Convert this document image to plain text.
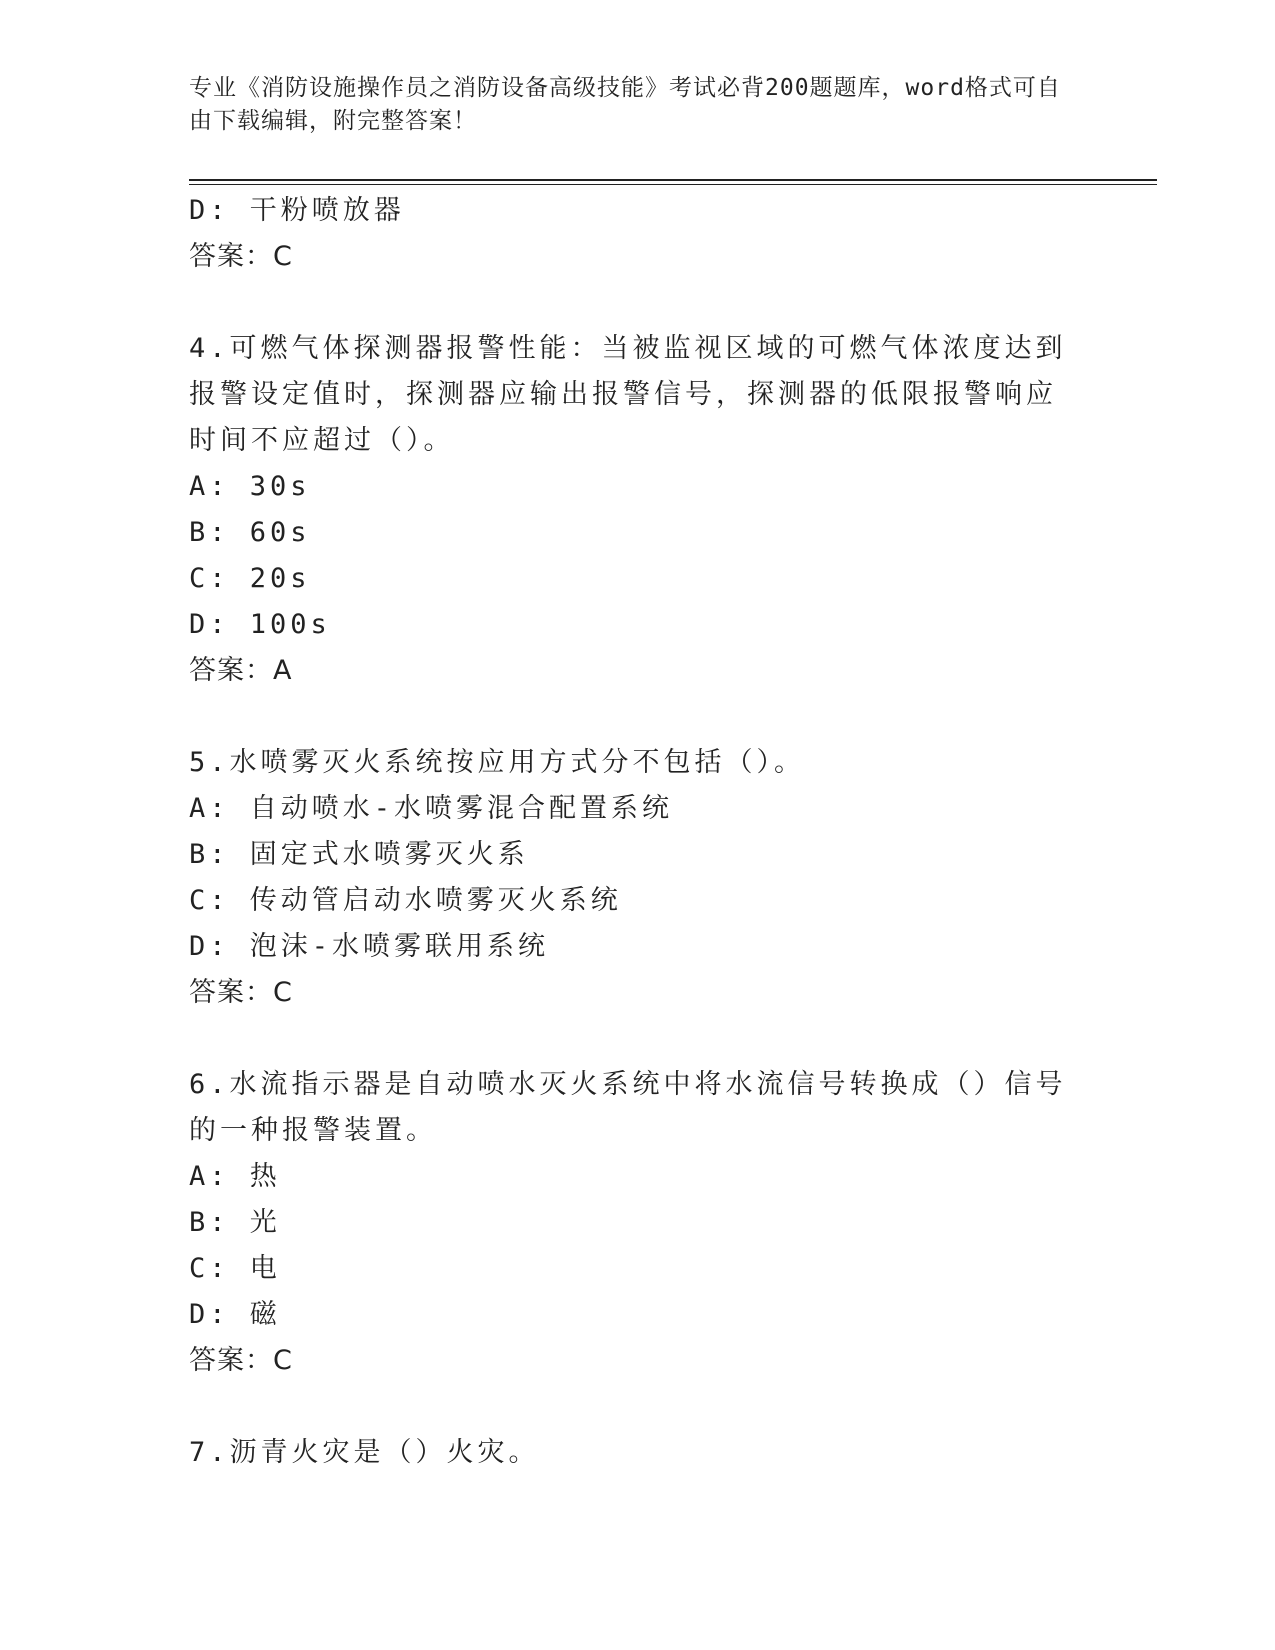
专业《消防设施操作员之消防设备高级技能》考试必背200题题库，word格式可自由下载编辑，附完整答案！
D: 干粉喷放器
答案：C
4.可燃气体探测器报警性能：当被监视区域的可燃气体浓度达到报警设定值时，探测器应输出报警信号，探测器的低限报警响应时间不应超过（）。
A: 30s
B: 60s
C: 20s
D: 100s
答案：A
5.水喷雾灭火系统按应用方式分不包括（）。
A: 自动喷水-水喷雾混合配置系统
B: 固定式水喷雾灭火系
C: 传动管启动水喷雾灭火系统
D: 泡沫-水喷雾联用系统
答案：C
6.水流指示器是自动喷水灭火系统中将水流信号转换成（）信号的一种报警装置。
A: 热
B: 光
C: 电
D: 磁
答案：C
7.沥青火灾是（）火灾。
